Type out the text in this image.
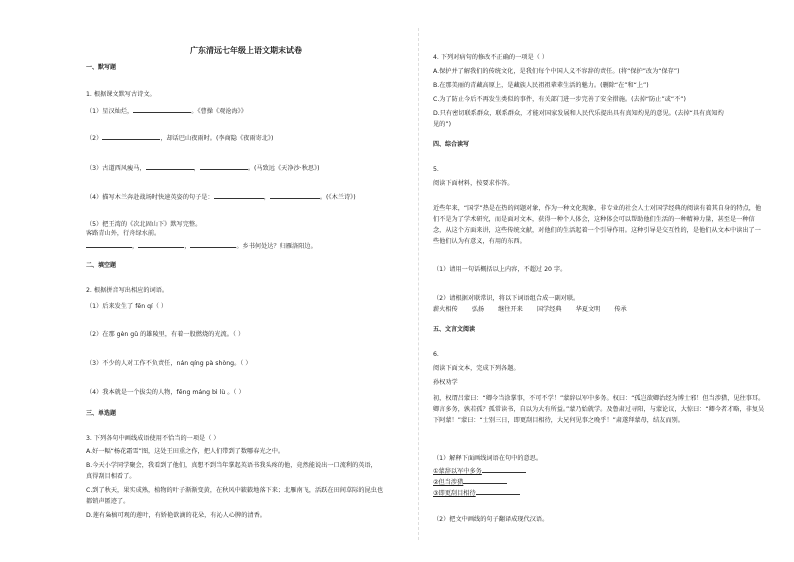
广东清远七年级上语文期末试卷
一、默写题
1. 根据课文默写古诗文。
（1）星汉灿烂，	。《曹操《观沧海》》
（2）	，却话巴山夜雨时。(李商隐《夜雨寄北》)
（3）古道西风瘦马，	，	。(马致远《天净沙·秋思》)
（4）描写木兰奔赴战场时快速英姿的句子是：	，	。(《木兰诗》)
（5）把王湾的《次北固山下》默写完整。
客路青山外，行舟绿水前。
，	，	。乡书何处达？归雁洛阳边。
二、填空题
2. 根据拼音写出相应的词语。
（1）后来发生了 fēn qí（ ）
（2）在那 gèn gǔ 的雄陵里，有着一股燃烧的光流。（ ）
（3）不少的人对工作不负责任，nán qíng pà shòng。（ ）
（4）我本就是一个拔尖的人物，fēng máng bì lù 。（ ）
三、单选题
3. 下列各句中画线成语使用不恰当的一项是（ ）
A.好一幅“杨花霜雪”图，这处王田重之作，把人们带到了数哪春光之中。
B.今天小学同学聚会，我看到了他们，真想不到当年掌起英语书我头疼的他，竟然能说出一口流利的英语，
真得刮目相看了。
C.到了秋天，果实成熟，植物的叶子渐渐变黄，在秋风中簌簌地落下来；北雁南飞，活跃在田间草际的昆虫也
都销声匿迹了。
D.莲有枭槁可观的莲叶，有娇艳欲滴的花朵，有沁人心脾的清香。
4. 下列对病句的修改不正确的一项是（ ）
A.保护并了解我们的传统文化，是我们每个中国人义不容辞的责任。(将“保护”改为“保存”)
B.在那美丽的青藏高原上，是藏族人民祖祖辈辈生活的魅力。(删除“在”和“上”)
C.为了防止今后不再发生类似的事件，有关部门进一步完善了安全措施。(去掉“防止”或“不”)
D.只有密切联系群众，联系群众，才能对国家发展和人民代乐提出具有真知灼见的意见。(去掉“具有真知灼
见的”)
四、综合读写
5.
阅读下面材料，按要求作答。
近些年来，“国学”热是在热的问题对象，作为一种文化现象，非专业的社会人士对国学经典的阅读有着其自身的特点，他们不是为了学术研究，而是面对文本，获得一种个人体会，这种体会可以帮助他们生活的一种精神力量，甚至是一种信念，从这个方面来讲，这些传统文献，对他们的生活起着一个引导作用。这种引导是交互性的，是他们从文本中读出了一些他们认为有意义，有用的东西。
（1）请用一句话概括以上内容，不超过 20 字。
（2）请根据对联常识，将以下词语组合成一副对联。
薪火相传 弘扬 继往开来 国学经典 华夏文明 传承
五、文言文阅读
6.
阅读下面文本，完成下列各题。
孙权劝学
初，权谓吕蒙曰：“卿今当涂掌事，不可不学！”蒙辞以军中多务。权曰：“孤岂欲卿治经为博士邪！但当涉猎，见往事耳。卿言多务，孰若孤？孤常读书，自以为大有所益。”蒙乃始就学。及鲁肃过寻阳，与蒙论议，大惊曰：“卿今者才略，非复吴下阿蒙！”蒙曰：“士别三日，即更刮目相待，大兄何见事之晚乎！”肃遂拜蒙母，结友而别。
（1）解释下面画线词语在句中的意思。
①蒙辞以军中多务
②但当涉猎
③即更刮目相待
（2）把文中画线的句子翻译成现代汉语。
